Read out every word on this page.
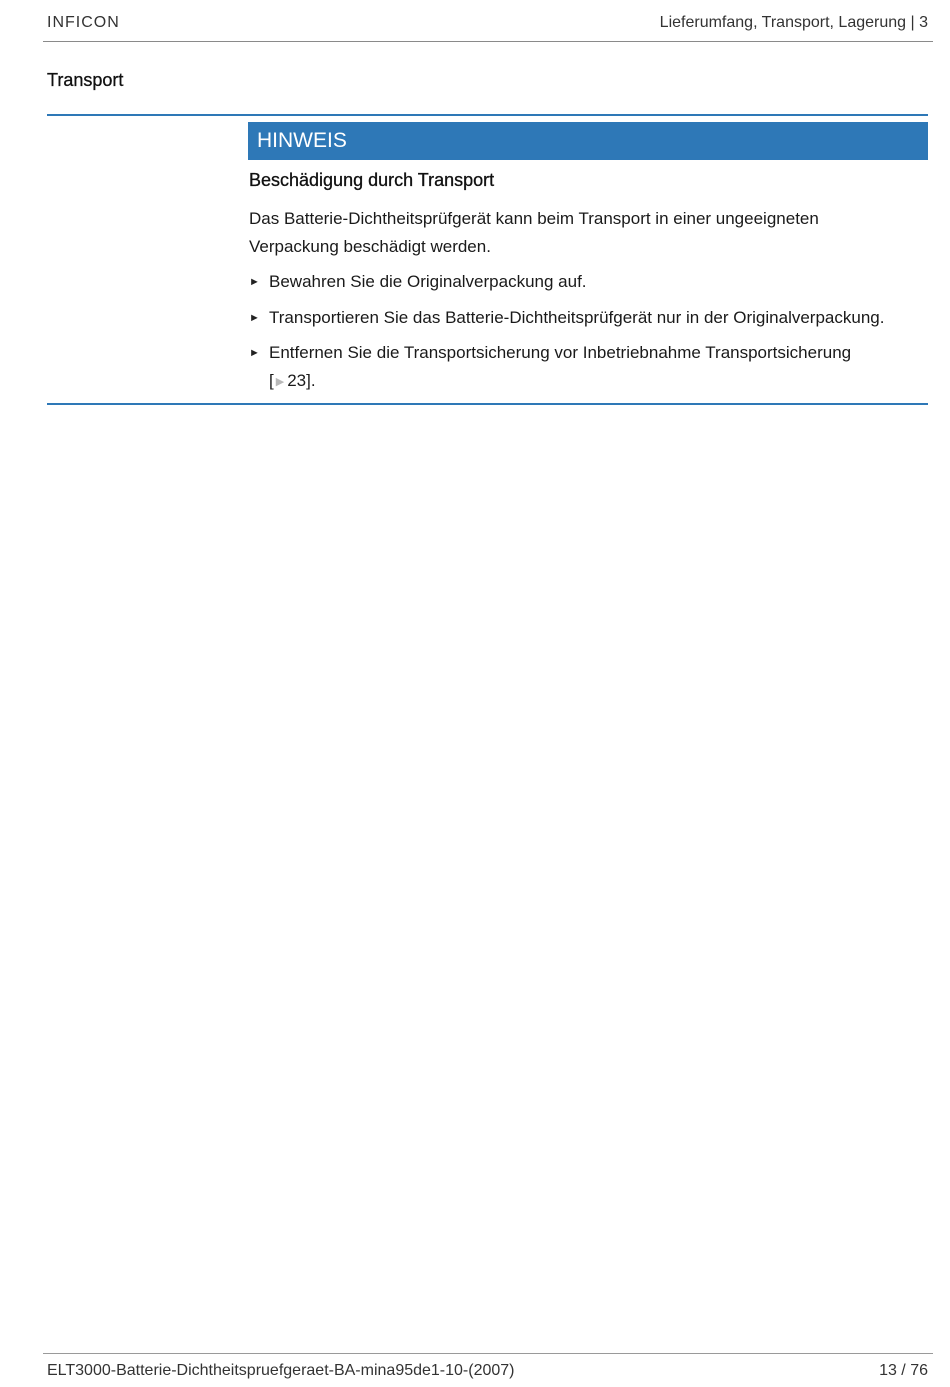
INFICON	Lieferumfang, Transport, Lagerung | 3
Transport
HINWEIS
Beschädigung durch Transport
Das Batterie-Dichtheitsprüfgerät kann beim Transport in einer ungeeigneten Verpackung beschädigt werden.
► Bewahren Sie die Originalverpackung auf.
► Transportieren Sie das Batterie-Dichtheitsprüfgerät nur in der Originalverpackung.
► Entfernen Sie die Transportsicherung vor Inbetriebnahme Transportsicherung
[ ▶ 23].
ELT3000-Batterie-Dichtheitspruefgeraet-BA-mina95de1-10-(2007)	13 / 76
